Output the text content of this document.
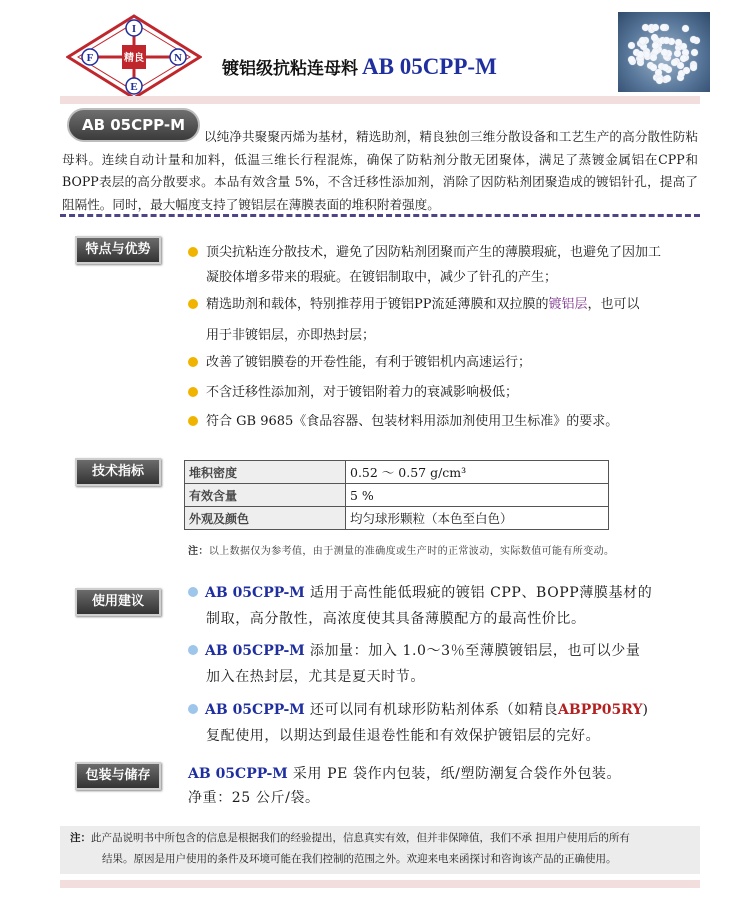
I
F	N
E
精良
镀铝级抗粘连母料 AB 05CPP-M
以纯净共聚聚丙烯为基材，精选助剂，精良独创三维分散设备和工艺生产的高分散性防粘母料。连续自动计量和加料，低温三维长行程混炼，确保了防粘剂分散无团聚体，满足了蒸镀金属铝在CPP和BOPP表层的高分散要求。本品有效含量 5%，不含迁移性添加剂，消除了因防粘剂团聚造成的镀铝针孔，提高了阻隔性。同时，最大幅度支持了镀铝层在薄膜表面的堆积附着强度。
AB 05CPP-M
特点与优势	顶尖抗粘连分散技术，避免了因防粘剂团聚而产生的薄膜瑕疵，也避免了因加工
凝胶体增多带来的瑕疵。在镀铝制取中，减少了针孔的产生；
精选助剂和载体，特别推荐用于镀铝PP流延薄膜和双拉膜的镀铝层，也可以
用于非镀铝层，亦即热封层；
改善了镀铝膜卷的开卷性能，有利于镀铝机内高速运行；
不含迁移性添加剂，对于镀铝附着力的衰减影响极低；
符合 GB 9685《食品容器、包装材料用添加剂使用卫生标准》的要求。
技术指标	堆积密度	0.52 ～ 0.57 g/cm³
有效含量	5 %
外观及颜色	均匀球形颗粒（本色至白色）
注：以上数据仅为参考值，由于测量的准确度或生产时的正常波动，实际数值可能有所变动。
使用建议
AB 05CPP-M 适用于高性能低瑕疵的镀铝 CPP、BOPP薄膜基材的
制取，高分散性，高浓度使其具备薄膜配方的最高性价比。
AB 05CPP-M 添加量：加入 1.0～3％至薄膜镀铝层，也可以少量
加入在热封层，尤其是夏天时节。
AB 05CPP-M 还可以同有机球形防粘剂体系（如精良ABPP05RY)
复配使用，以期达到最佳退卷性能和有效保护镀铝层的完好。
包装与储存	AB 05CPP-M 采用 PE 袋作内包装，纸/塑防潮复合袋作外包装。
净重：25 公斤/袋。
注：此产品说明书中所包含的信息是根据我们的经验提出，信息真实有效，但并非保障值，我们不承 担用户使用后的所有
结果。原因是用户使用的条件及环境可能在我们控制的范围之外。欢迎来电来函探讨和咨询该产品的正确使用。
